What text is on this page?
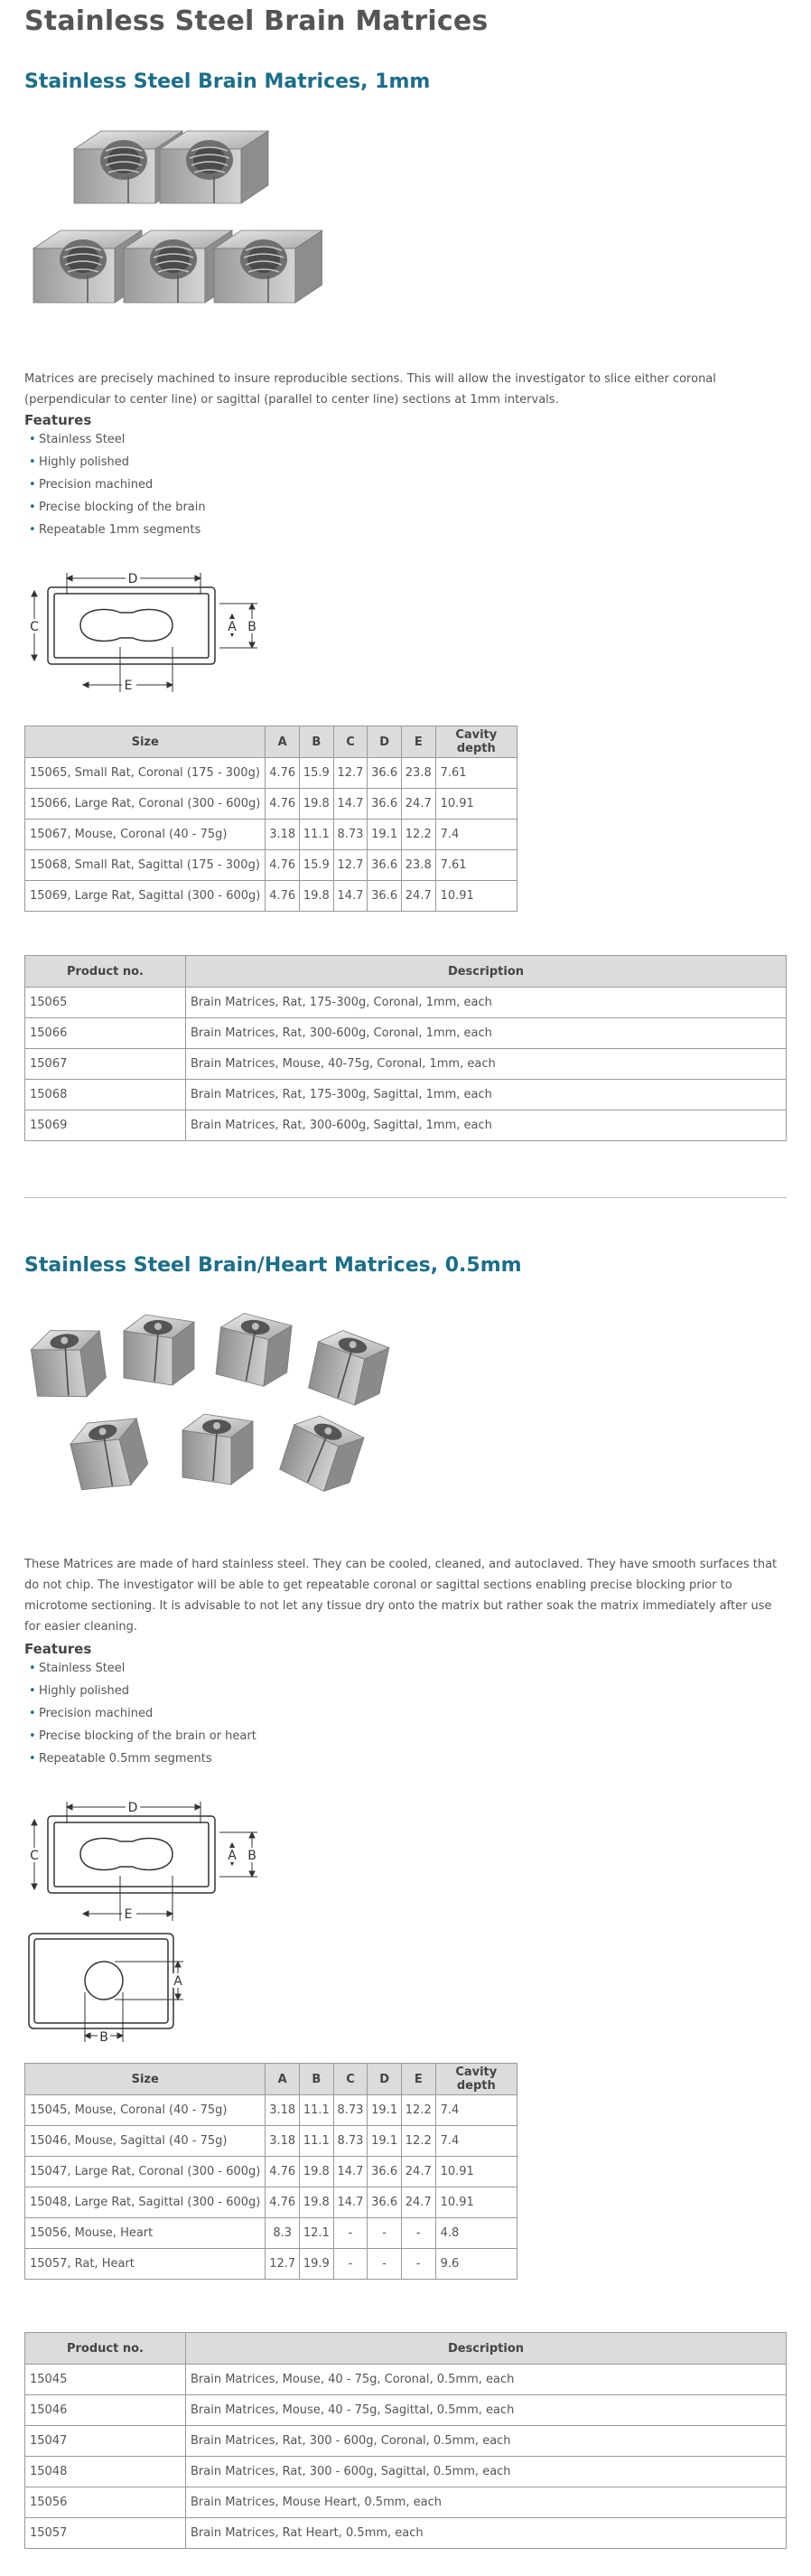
Stainless Steel Brain Matrices
Stainless Steel Brain Matrices, 1mm

Matrices are precisely machined to insure reproducible sections. This will allow the investigator to slice either coronal (perpendicular to center line) or sagittal (parallel to center line) sections at 1mm intervals.

Features
• Stainless Steel
• Highly polished
• Precision machined
• Precise blocking of the brain
• Repeatable 1mm segments
D
C	A B
E
Size	A	B	C	D	E	Cavity depth
15065, Small Rat, Coronal (175 - 300g)	4.76	15.9	12.7	36.6	23.8	7.61
15066, Large Rat, Coronal (300 - 600g)	4.76	19.8	14.7	36.6	24.7	10.91
15067, Mouse, Coronal (40 - 75g)	3.18	11.1	8.73	19.1	12.2	7.4
15068, Small Rat, Sagittal (175 - 300g)	4.76	15.9	12.7	36.6	23.8	7.61
15069, Large Rat, Sagittal (300 - 600g)	4.76	19.8	14.7	36.6	24.7	10.91
Product no.	Description
15065	Brain Matrices, Rat, 175-300g, Coronal, 1mm, each
15066	Brain Matrices, Rat, 300-600g, Coronal, 1mm, each
15067	Brain Matrices, Mouse, 40-75g, Coronal, 1mm, each
15068	Brain Matrices, Rat, 175-300g, Sagittal, 1mm, each
15069	Brain Matrices, Rat, 300-600g, Sagittal, 1mm, each
Stainless Steel Brain/Heart Matrices, 0.5mm

These Matrices are made of hard stainless steel. They can be cooled, cleaned, and autoclaved. They have smooth surfaces that do not chip. The investigator will be able to get repeatable coronal or sagittal sections enabling precise blocking prior to microtome sectioning. It is advisable to not let any tissue dry onto the matrix but rather soak the matrix immediately after use for easier cleaning.

Features
• Stainless Steel
• Highly polished
• Precision machined
• Precise blocking of the brain or heart
• Repeatable 0.5mm segments
D
C	A B
E
A
B
Size	A	B	C	D	E	Cavity depth
15045, Mouse, Coronal (40 - 75g)	3.18	11.1	8.73	19.1	12.2	7.4
15046, Mouse, Sagittal (40 - 75g)	3.18	11.1	8.73	19.1	12.2	7.4
15047, Large Rat, Coronal (300 - 600g)	4.76	19.8	14.7	36.6	24.7	10.91
15048, Large Rat, Sagittal (300 - 600g)	4.76	19.8	14.7	36.6	24.7	10.91
15056, Mouse, Heart	8.3	12.1	-	-	-	4.8
15057, Rat, Heart	12.7	19.9	-	-	-	9.6
Product no.	Description
15045	Brain Matrices, Mouse, 40 - 75g, Coronal, 0.5mm, each
15046	Brain Matrices, Mouse, 40 - 75g, Sagittal, 0.5mm, each
15047	Brain Matrices, Rat, 300 - 600g, Coronal, 0.5mm, each
15048	Brain Matrices, Rat, 300 - 600g, Sagittal, 0.5mm, each
15056	Brain Matrices, Mouse Heart, 0.5mm, each
15057	Brain Matrices, Rat Heart, 0.5mm, each
